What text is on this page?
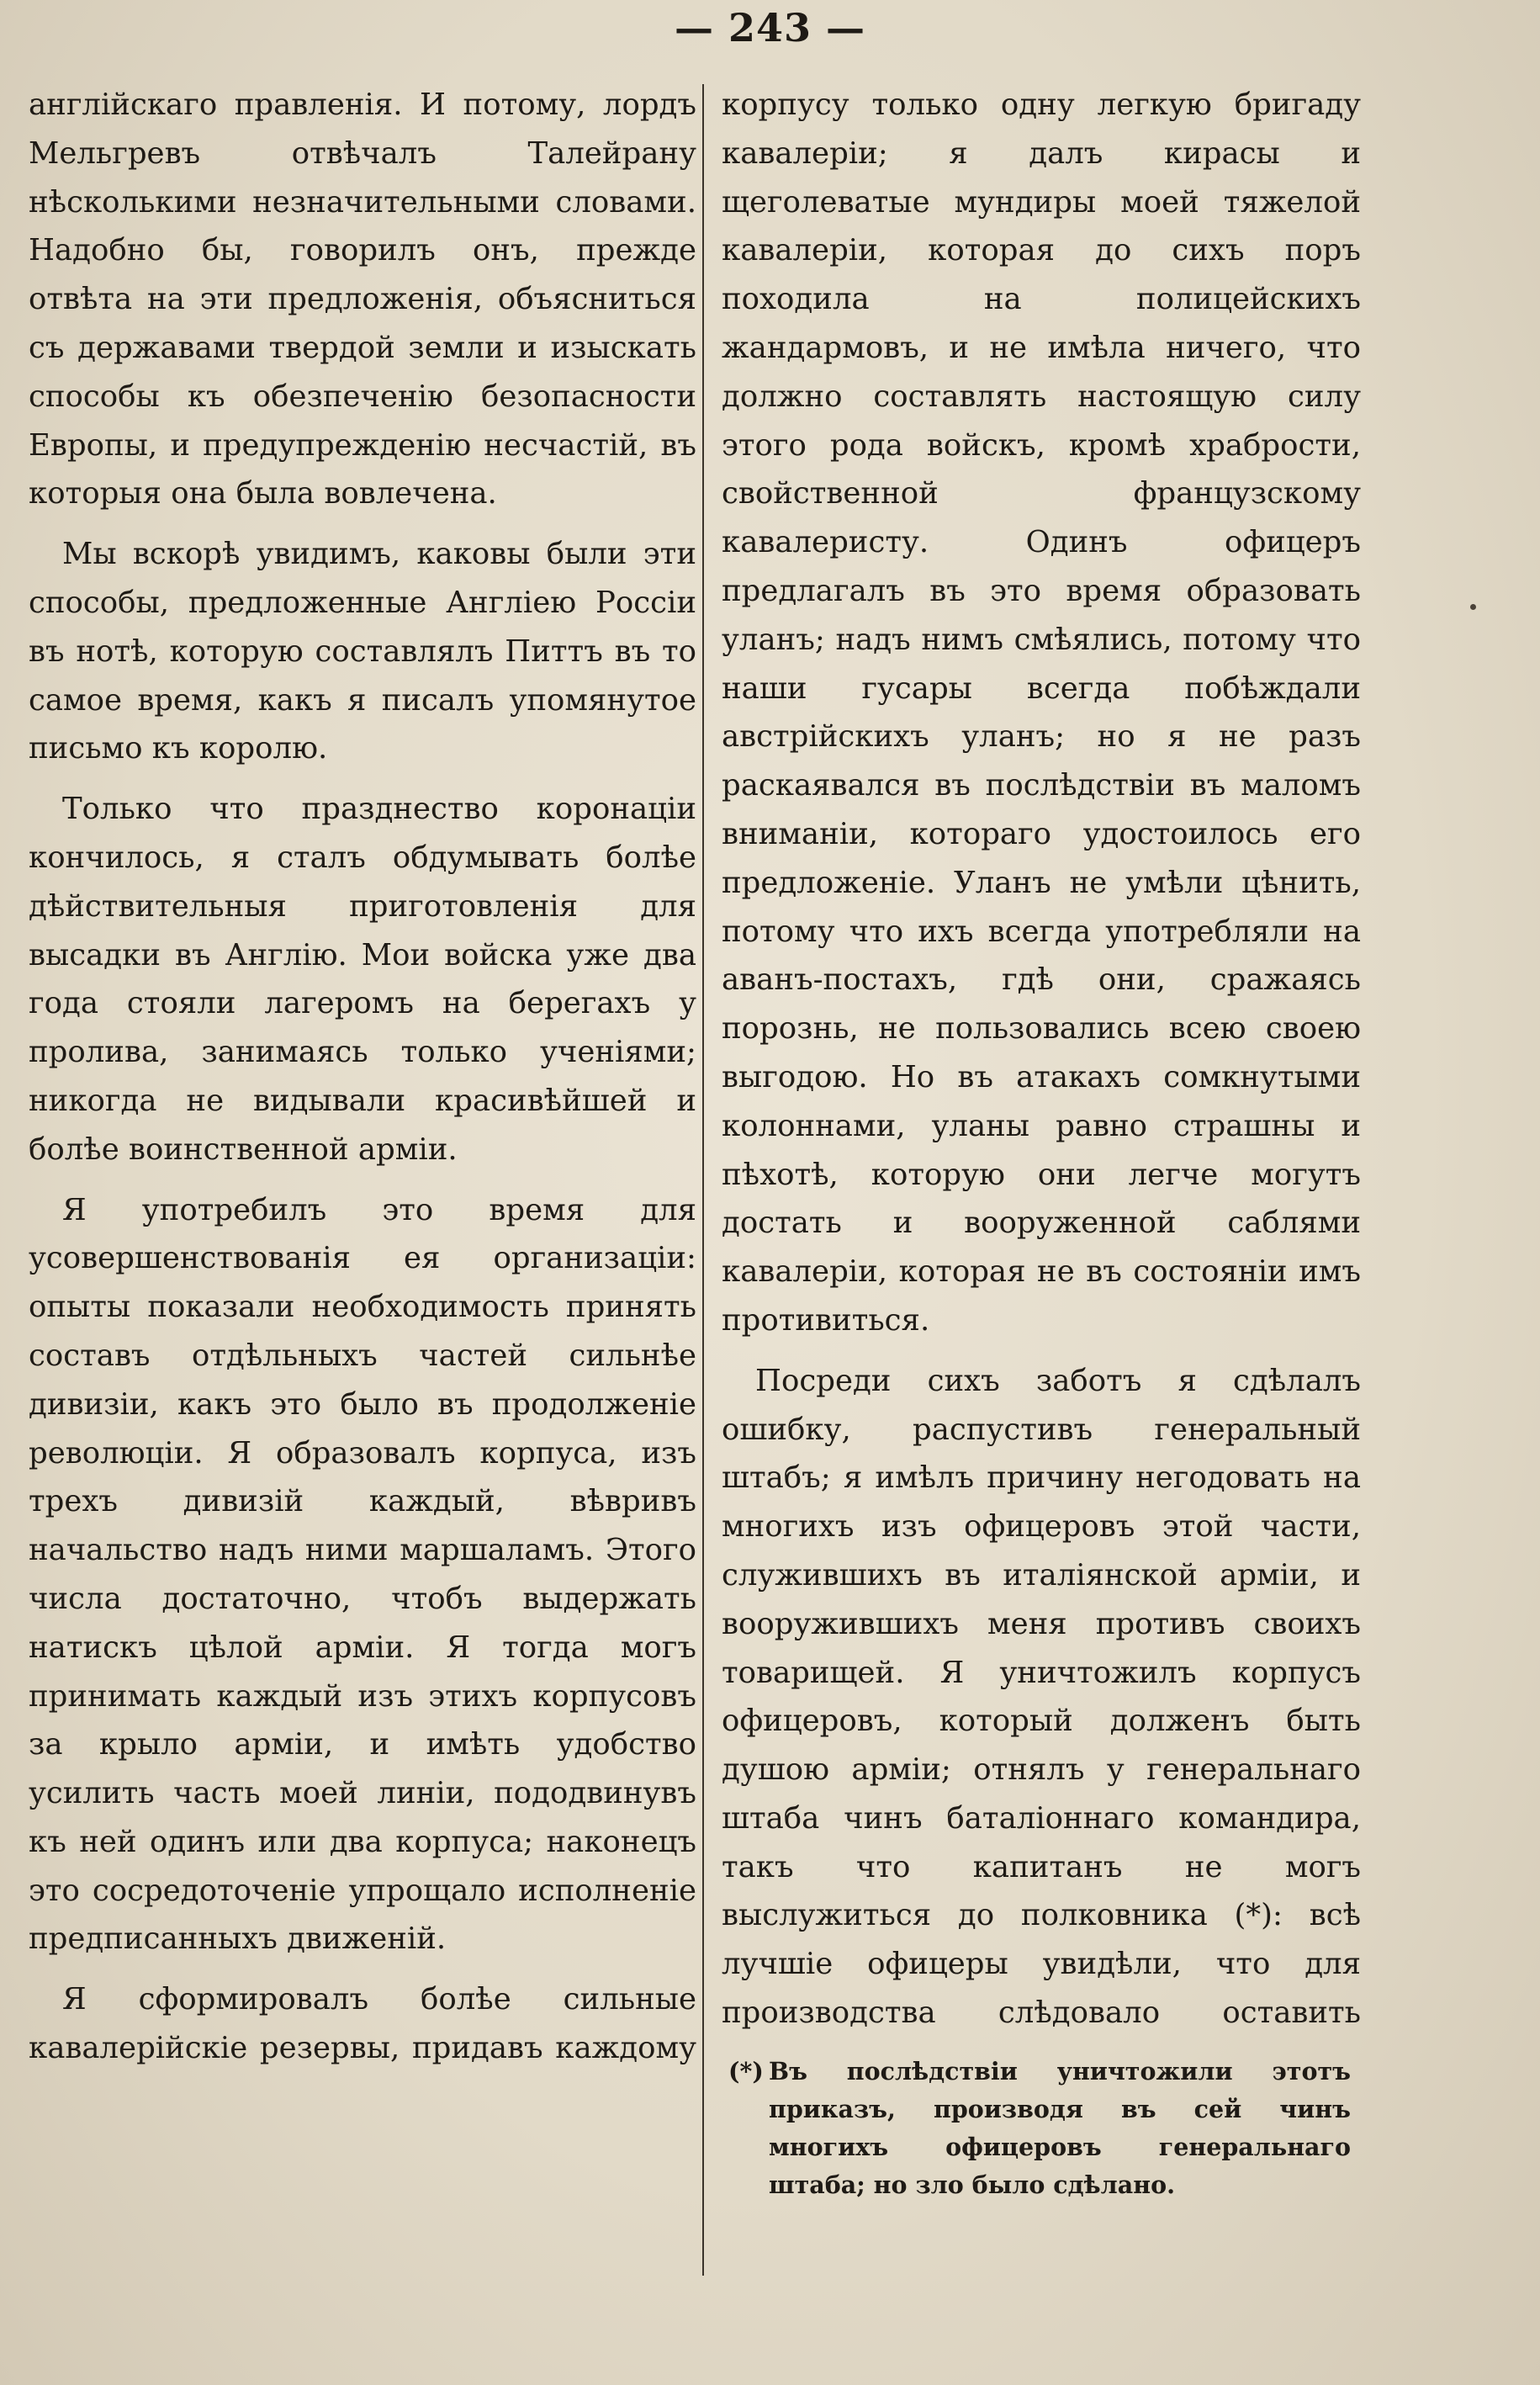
— 243 —

англійскаго правленія. И потому, лордъ Мельгревъ отвѣчалъ Талейрану нѣсколькими незначительными словами. Надобно бы, говорилъ онъ, прежде отвѣта на эти предложенія, объясниться съ державами твердой земли и изыскать способы къ обезпеченію безопасности Европы, и предупрежденію несчастій, въ которыя она была вовлечена.

Мы вскорѣ увидимъ, каковы были эти способы, предложенные Англіею Россіи въ нотѣ, которую составлялъ Питтъ въ то самое время, какъ я писалъ упомянутое письмо къ королю.

Только что празднество коронаціи кончилось, я сталъ обдумывать болѣе дѣйствительныя приготовленія для высадки въ Англію. Мои войска уже два года стояли лагеромъ на берегахъ у пролива, занимаясь только ученіями; никогда не видывали красивѣйшей и болѣе воинственной арміи.

Я употребилъ это время для усовершенствованія ея организаціи: опыты показали необходимость принять составъ отдѣльныхъ частей сильнѣе дивизіи, какъ это было въ продолженіе революціи. Я образовалъ корпуса, изъ трехъ дивизій каждый, вѣвривъ начальство надъ ними маршаламъ. Этого числа достаточно, чтобъ выдержать натискъ цѣлой арміи. Я тогда могъ принимать каждый изъ этихъ корпусовъ за крыло арміи, и имѣть удобство усилить часть моей линіи, пододвинувъ къ ней одинъ или два корпуса; наконецъ это сосредоточеніе упрощало исполненіе предписанныхъ движеній.

Я сформировалъ болѣе сильные кавалерійскіе резервы, придавъ каждому

корпусу только одну легкую бригаду кавалеріи; я далъ кирасы и щеголеватые мундиры моей тяжелой кавалеріи, которая до сихъ поръ походила на полицейскихъ жандармовъ, и не имѣла ничего, что должно составлять настоящую силу этого рода войскъ, кромѣ храбрости, свойственной французскому кавалеристу. Одинъ офицеръ предлагалъ въ это время образовать уланъ; надъ нимъ смѣялись, потому что наши гусары всегда побѣждали австрійскихъ уланъ; но я не разъ раскаявался въ послѣдствіи въ маломъ вниманіи, котораго удостоилось его предложеніе. Уланъ не умѣли цѣнить, потому что ихъ всегда употребляли на аванъ-постахъ, гдѣ они, сражаясь порознь, не пользовались всею своею выгодою. Но въ атакахъ сомкнутыми колоннами, уланы равно страшны и пѣхотѣ, которую они легче могутъ достать и вооруженной саблями кавалеріи, которая не въ состояніи имъ противиться.

Посреди сихъ заботъ я сдѣлалъ ошибку, распустивъ генеральный штабъ; я имѣлъ причину негодовать на многихъ изъ офицеровъ этой части, служившихъ въ италіянской арміи, и вооружившихъ меня противъ своихъ товарищей. Я уничтожилъ корпусъ офицеровъ, который долженъ быть душою арміи; отнялъ у генеральнаго штаба чинъ баталіоннаго командира, такъ что капитанъ не могъ выслужиться до полковника (*): всѣ лучшіе офицеры увидѣли, что для производства слѣдовало оставить

(*) Въ послѣдствіи уничтожили этотъ приказъ, производя въ сей чинъ многихъ офицеровъ генеральнаго штаба; но зло было сдѣлано.
